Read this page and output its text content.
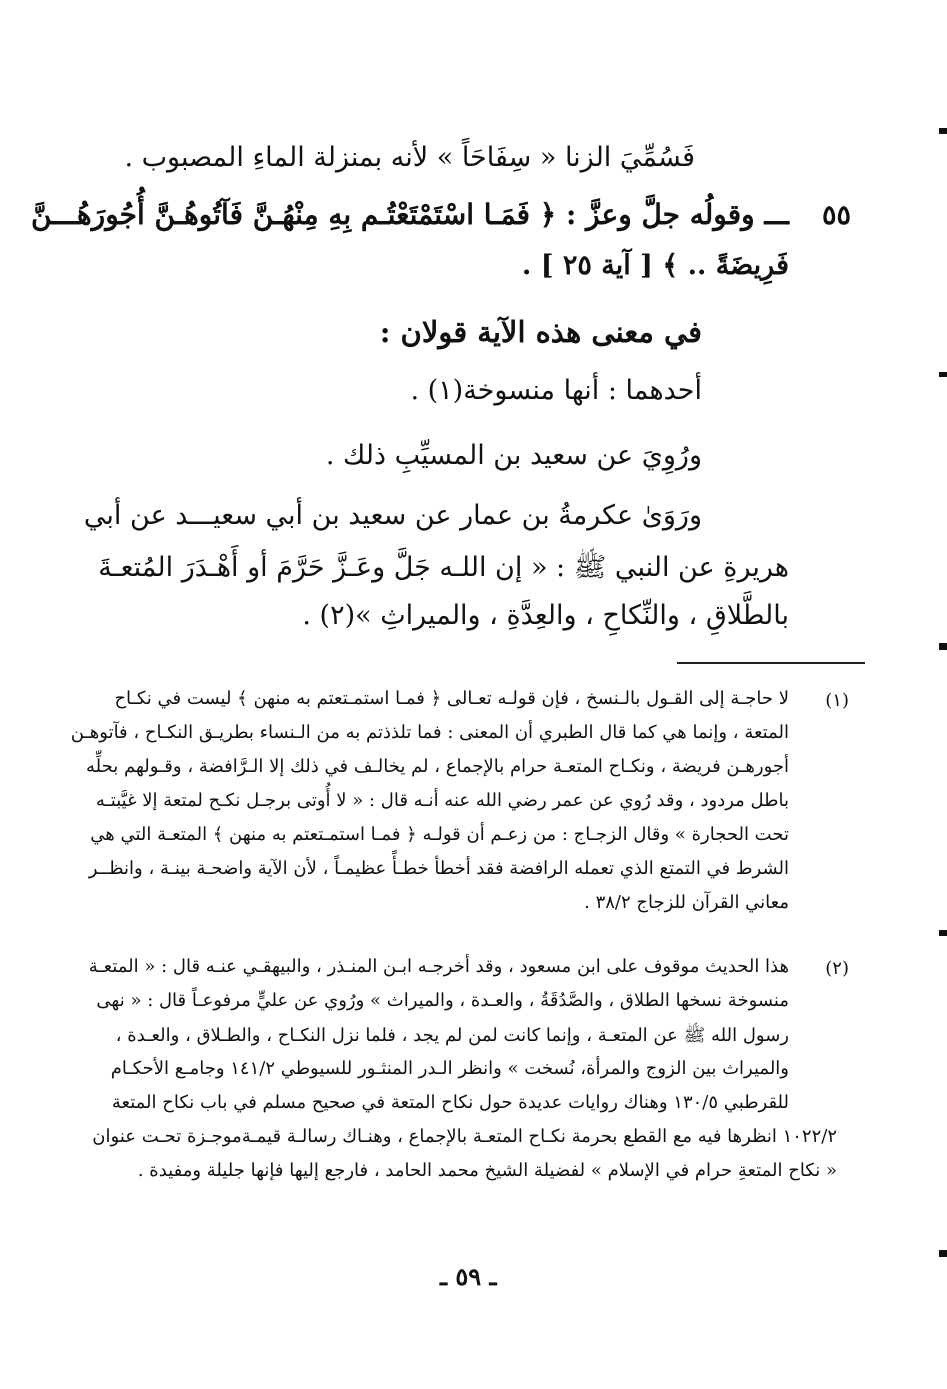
فَسُمِّيَ الزنا « سِفَاحَاً » لأنه بمنزلة الماءِ المصبوب .
٥٥
ـــ وقولُه جلَّ وعزَّ : ﴿ فَمَـا اسْتَمْتَعْتُـم بِهِ مِنْهُـنَّ فَآتُوهُـنَّ أُجُورَهُـــنَّ
فَرِيضَةً .. ﴾ [ آية ٢٥ ] .
في معنى هذه الآية قولان :
أحدهما : أنها منسوخة(١) .
ورُوِيَ عن سعيد بن المسيِّبِ ذلك .
ورَوَىٰ عكرمةُ بن عمار عن سعيد بن أبي سعيـــد عن أبي
هريرةِ عن النبي ﷺ : « إن اللـه جَلَّ وعَـزَّ حَرَّمَ أو أَهْـدَرَ المُتعـةَ
بالطَّلاقِ ، والنِّكاحِ ، والعِدَّةِ ، والميراثِ »(٢) .
(١)
لا حاجـة إلى القـول بالـنسخ ، فإن قولـه تعـالى ﴿ فمـا استمـتعتم به منهن ﴾ ليست في نكـاح
المتعة ، وإنما هي كما قال الطبري أن المعنى : فما تلذذتم به من الـنساء بطريـق النكـاح ، فآتوهـن
أجورهـن فريضة ، ونكـاح المتعـة حرام بالإجماع ، لم يخالـف في ذلك إلا الـرَّافضة ، وقـولهم بحلِّه
باطل مردود ، وقد رُوي عن عمر رضي الله عنه أنـه قال : « لا أُوتى برجـل نكـح لمتعة إلا غيَّبتـه
تحت الحجارة » وقال الزجـاج : من زعـم أن قولـه ﴿ فمـا استمـتعتم به منهن ﴾ المتعـة التي هي
الشرط في التمتع الذي تعمله الرافضة فقد أخطأ خطـأً عظيمـاً ، لأن الآية واضحـة بينـة ، وانظــر
معاني القرآن للزجاج ٣٨/٢ .
(٢)
هذا الحديث موقوف على ابن مسعود ، وقد أخرجـه ابـن المنـذر ، والبيهقـي عنـه قال : « المتعـة
منسوخة نسخها الطلاق ، والصَّدُقَةُ ، والعـدة ، والميراث » ورُوي عن عليٍّ مرفوعـاً قال : « نهى
رسول الله ﷺ عن المتعـة ، وإنما كانت لمن لم يجد ، فلما نزل النكـاح ، والطـلاق ، والعـدة ،
والميراث بين الزوج والمرأة، نُسخت » وانظر الـدر المنثـور للسيوطي ١٤١/٢ وجامـع الأحكـام
للقرطبي ١٣٠/٥ وهناك روايات عديدة حول نكاح المتعة في صحيح مسلم في باب نكاح المتعة
١٠٢٢/٢ انظرها فيه مع القطع بحرمة نكـاح المتعـة بالإجماع ، وهنـاك رسالـة قيمـةموجـزة تحـت عنوان
« نكاح المتعةِ حرام في الإسلام » لفضيلة الشيخ محمد الحامد ، فارجع إليها فإنها جليلة ومفيدة .
ـ ٥٩ ـ
